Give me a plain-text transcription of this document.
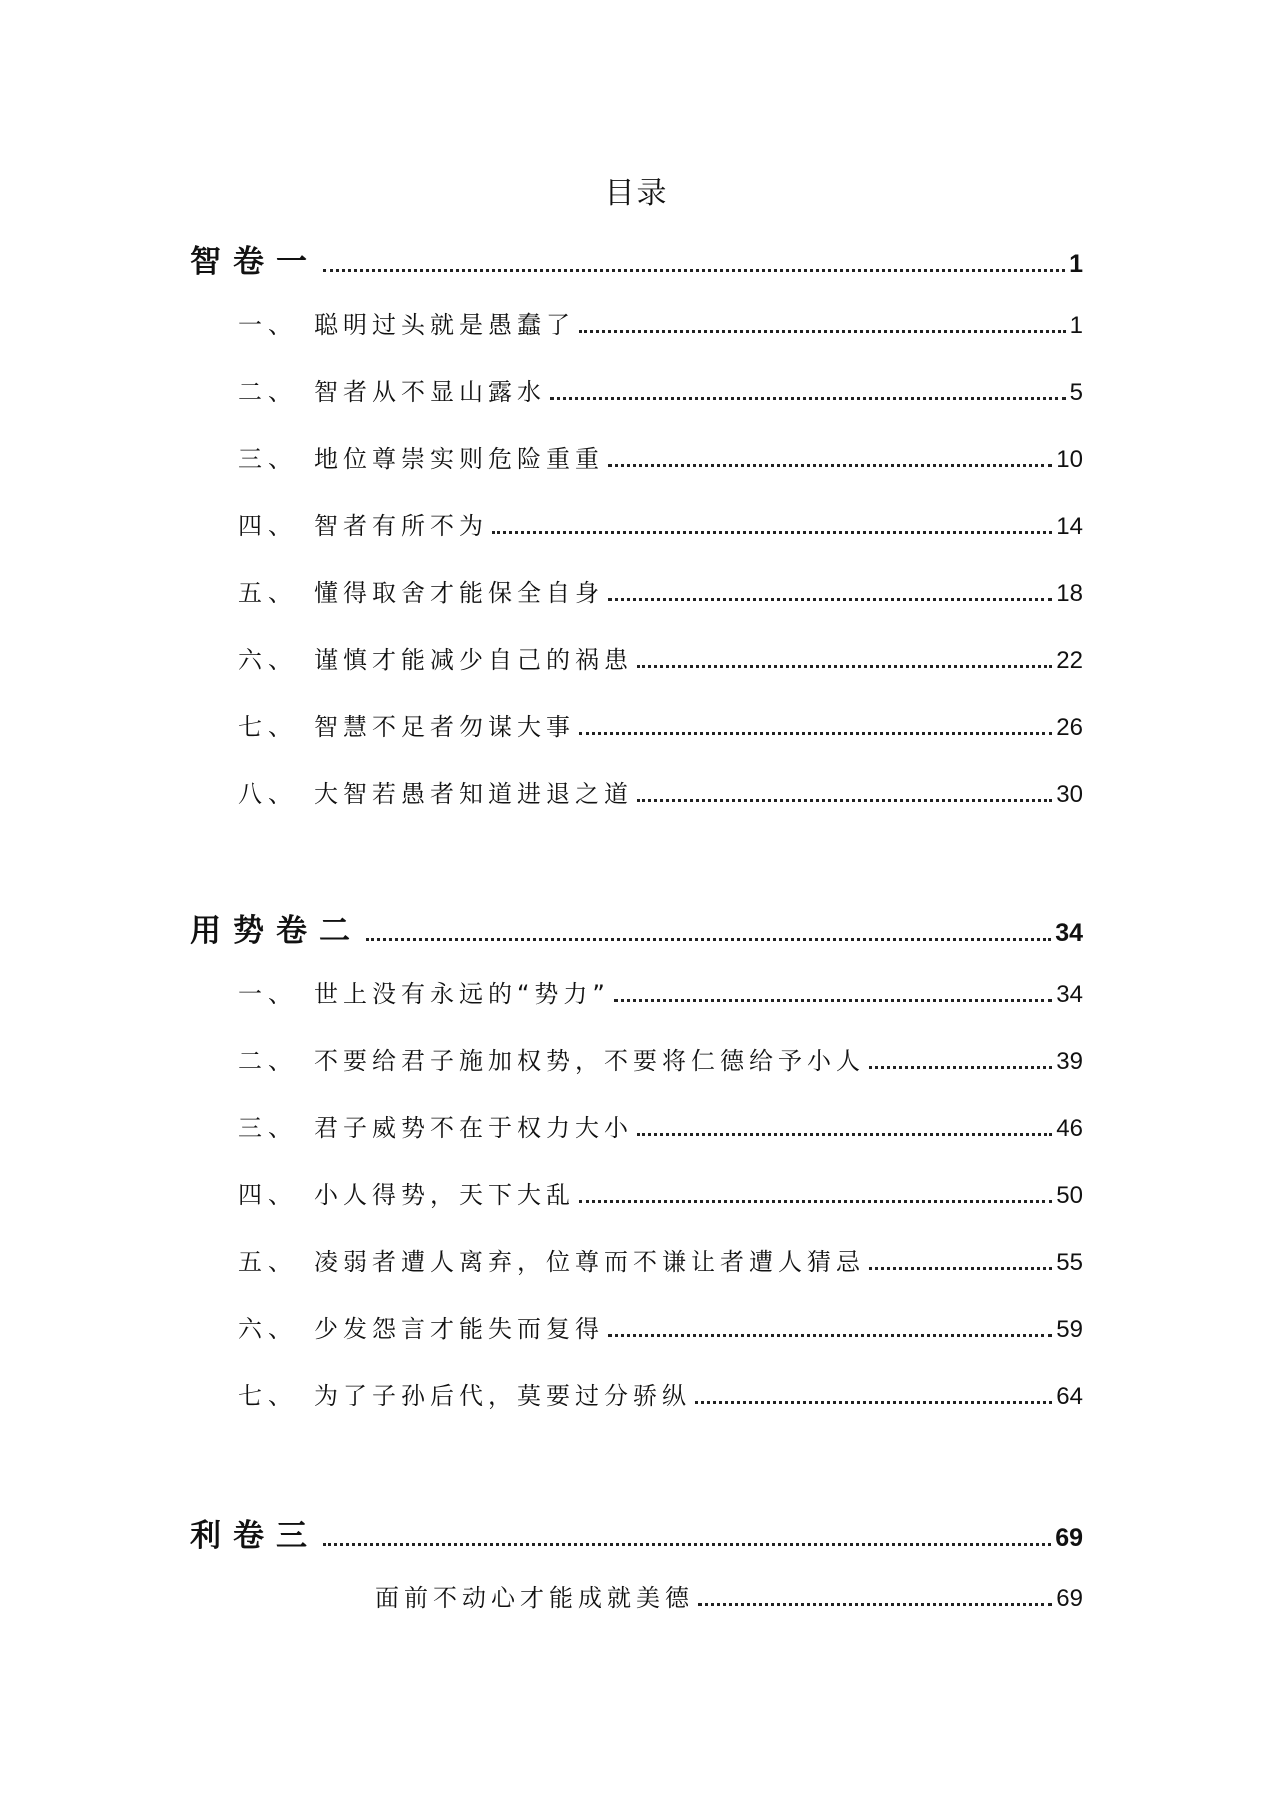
目录
智卷一	1
一、 聪明过头就是愚蠢了	1
二、 智者从不显山露水	5
三、 地位尊崇实则危险重重	10
四、 智者有所不为	14
五、 懂得取舍才能保全自身	18
六、 谨慎才能减少自己的祸患	22
七、 智慧不足者勿谋大事	26
八、 大智若愚者知道进退之道	30
用势卷二	34
一、 世上没有永远的“势力”	34
二、 不要给君子施加权势，不要将仁德给予小人	39
三、 君子威势不在于权力大小	46
四、 小人得势，天下大乱	50
五、 凌弱者遭人离弃，位尊而不谦让者遭人猜忌	55
六、 少发怨言才能失而复得	59
七、 为了子孙后代，莫要过分骄纵	64
利卷三	69
面前不动心才能成就美德	69
